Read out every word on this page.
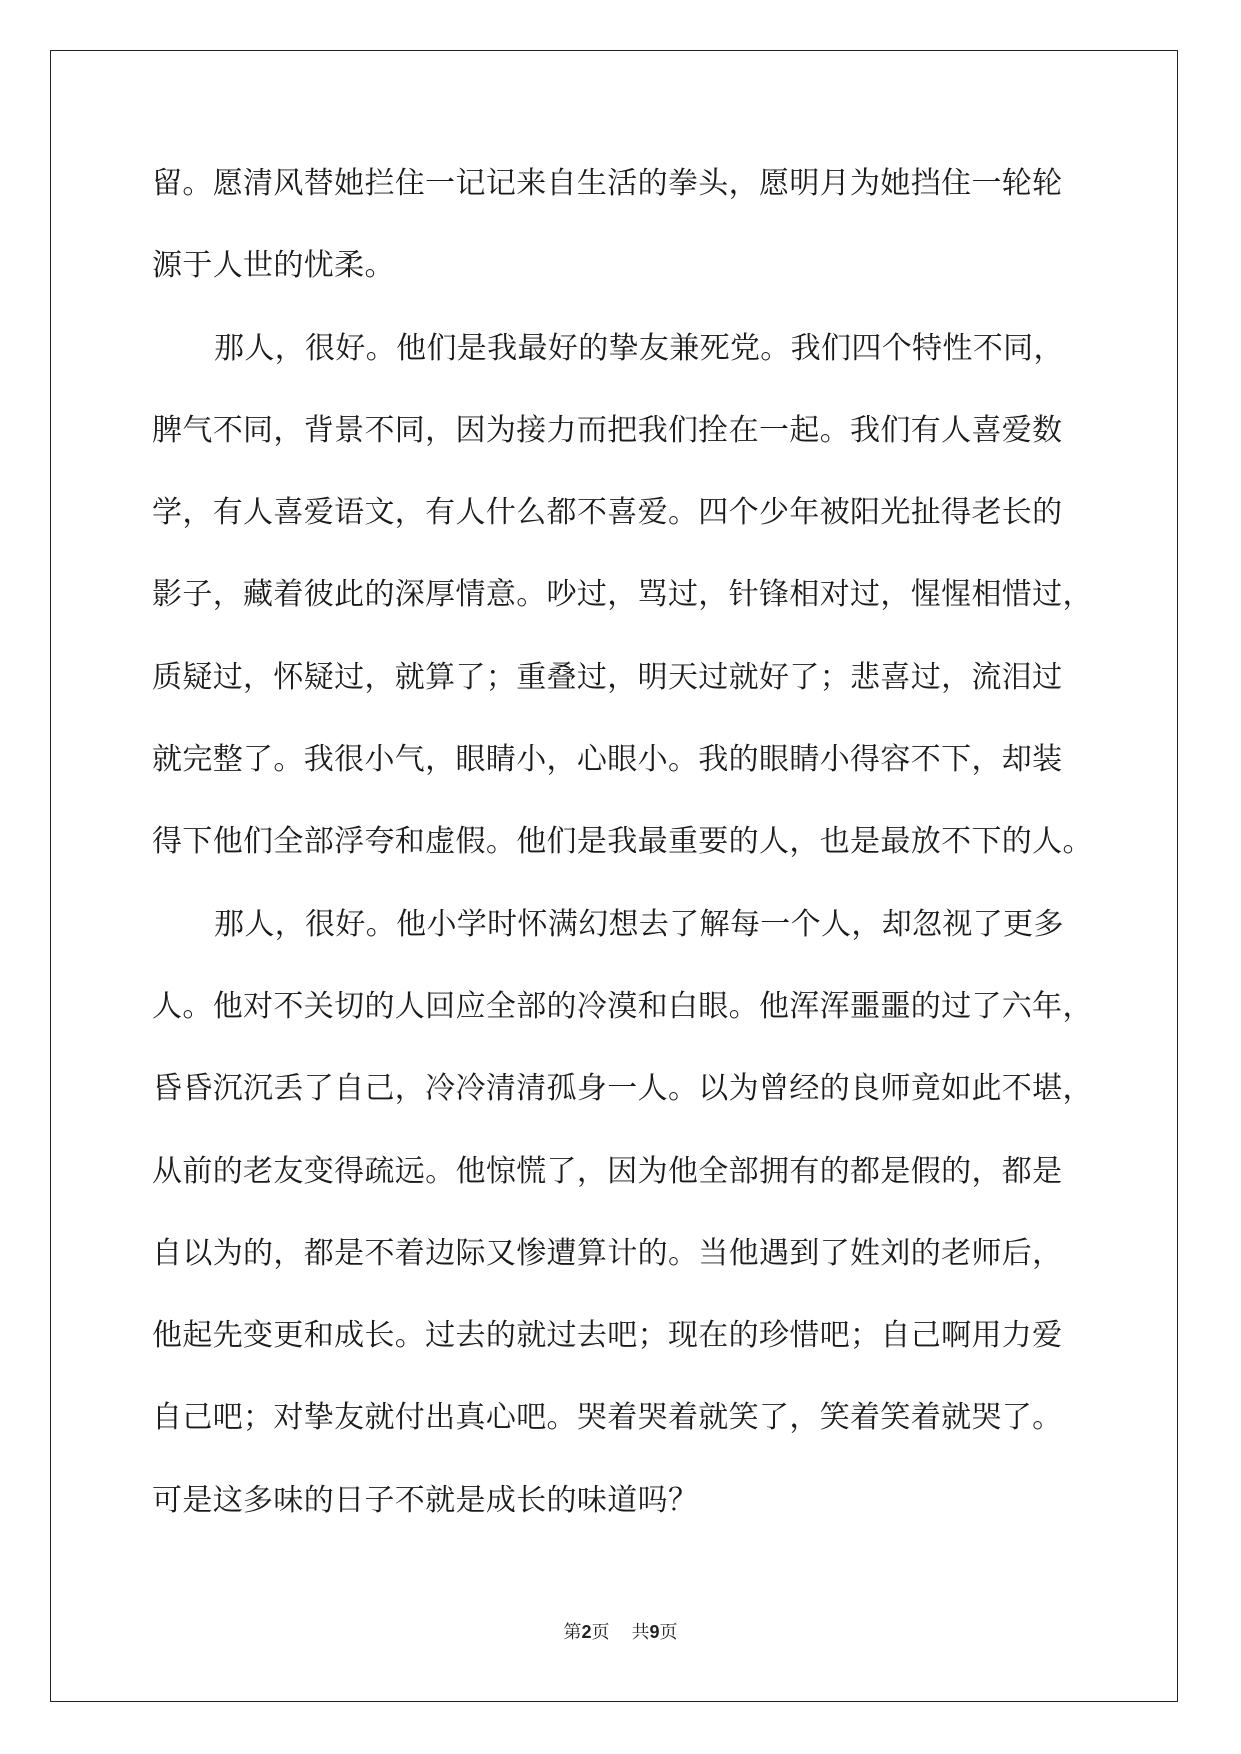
留。愿清风替她拦住一记记来自生活的拳头，愿明月为她挡住一轮轮
源于人世的忧柔。
那人，很好。他们是我最好的挚友兼死党。我们四个特性不同，
脾气不同，背景不同，因为接力而把我们拴在一起。我们有人喜爱数
学，有人喜爱语文，有人什么都不喜爱。四个少年被阳光扯得老长的
影子，藏着彼此的深厚情意。吵过，骂过，针锋相对过，惺惺相惜过，
质疑过，怀疑过，就算了；重叠过，明天过就好了；悲喜过，流泪过
就完整了。我很小气，眼睛小，心眼小。我的眼睛小得容不下，却装
得下他们全部浮夸和虚假。他们是我最重要的人，也是最放不下的人。
那人，很好。他小学时怀满幻想去了解每一个人，却忽视了更多
人。他对不关切的人回应全部的冷漠和白眼。他浑浑噩噩的过了六年，
昏昏沉沉丢了自己，冷冷清清孤身一人。以为曾经的良师竟如此不堪，
从前的老友变得疏远。他惊慌了，因为他全部拥有的都是假的，都是
自以为的，都是不着边际又惨遭算计的。当他遇到了姓刘的老师后，
他起先变更和成长。过去的就过去吧；现在的珍惜吧；自己啊用力爱
自己吧；对挚友就付出真心吧。哭着哭着就笑了，笑着笑着就哭了。
可是这多味的日子不就是成长的味道吗？
第2页 共9页
